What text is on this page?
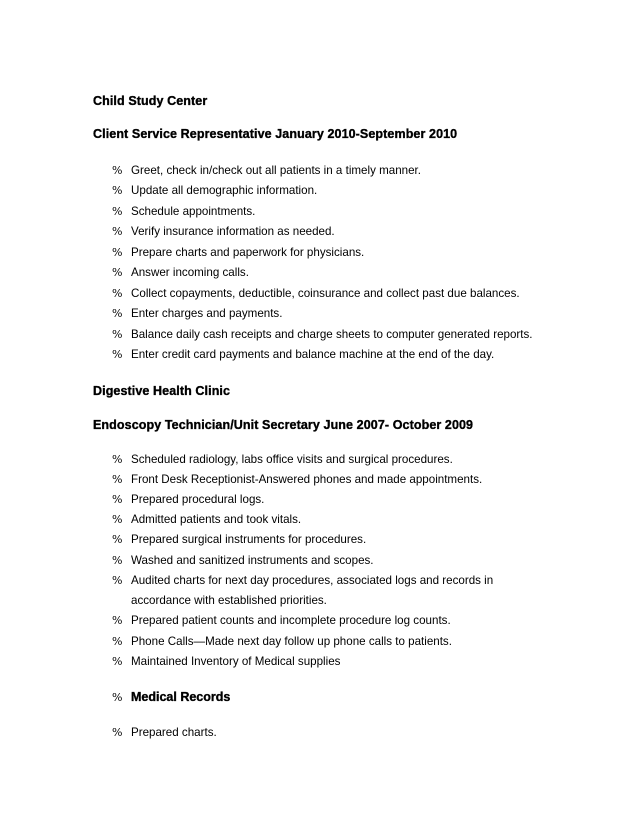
Child Study Center
Client Service Representative January 2010-September 2010
% Greet, check in/check out all patients in a timely manner.
% Update all demographic information.
% Schedule appointments.
% Verify insurance information as needed.
% Prepare charts and paperwork for physicians.
% Answer incoming calls.
% Collect copayments, deductible, coinsurance and collect past due balances.
% Enter charges and payments.
% Balance daily cash receipts and charge sheets to computer generated reports.
% Enter credit card payments and balance machine at the end of the day.
Digestive Health Clinic
Endoscopy Technician/Unit Secretary June 2007- October 2009
% Scheduled radiology, labs office visits and surgical procedures.
% Front Desk Receptionist-Answered phones and made appointments.
% Prepared procedural logs.
% Admitted patients and took vitals.
% Prepared surgical instruments for procedures.
% Washed and sanitized instruments and scopes.
% Audited charts for next day procedures, associated logs and records in
accordance with established priorities.
% Prepared patient counts and incomplete procedure log counts.
% Phone Calls—Made next day follow up phone calls to patients.
% Maintained Inventory of Medical supplies
% Medical Records
% Prepared charts.
